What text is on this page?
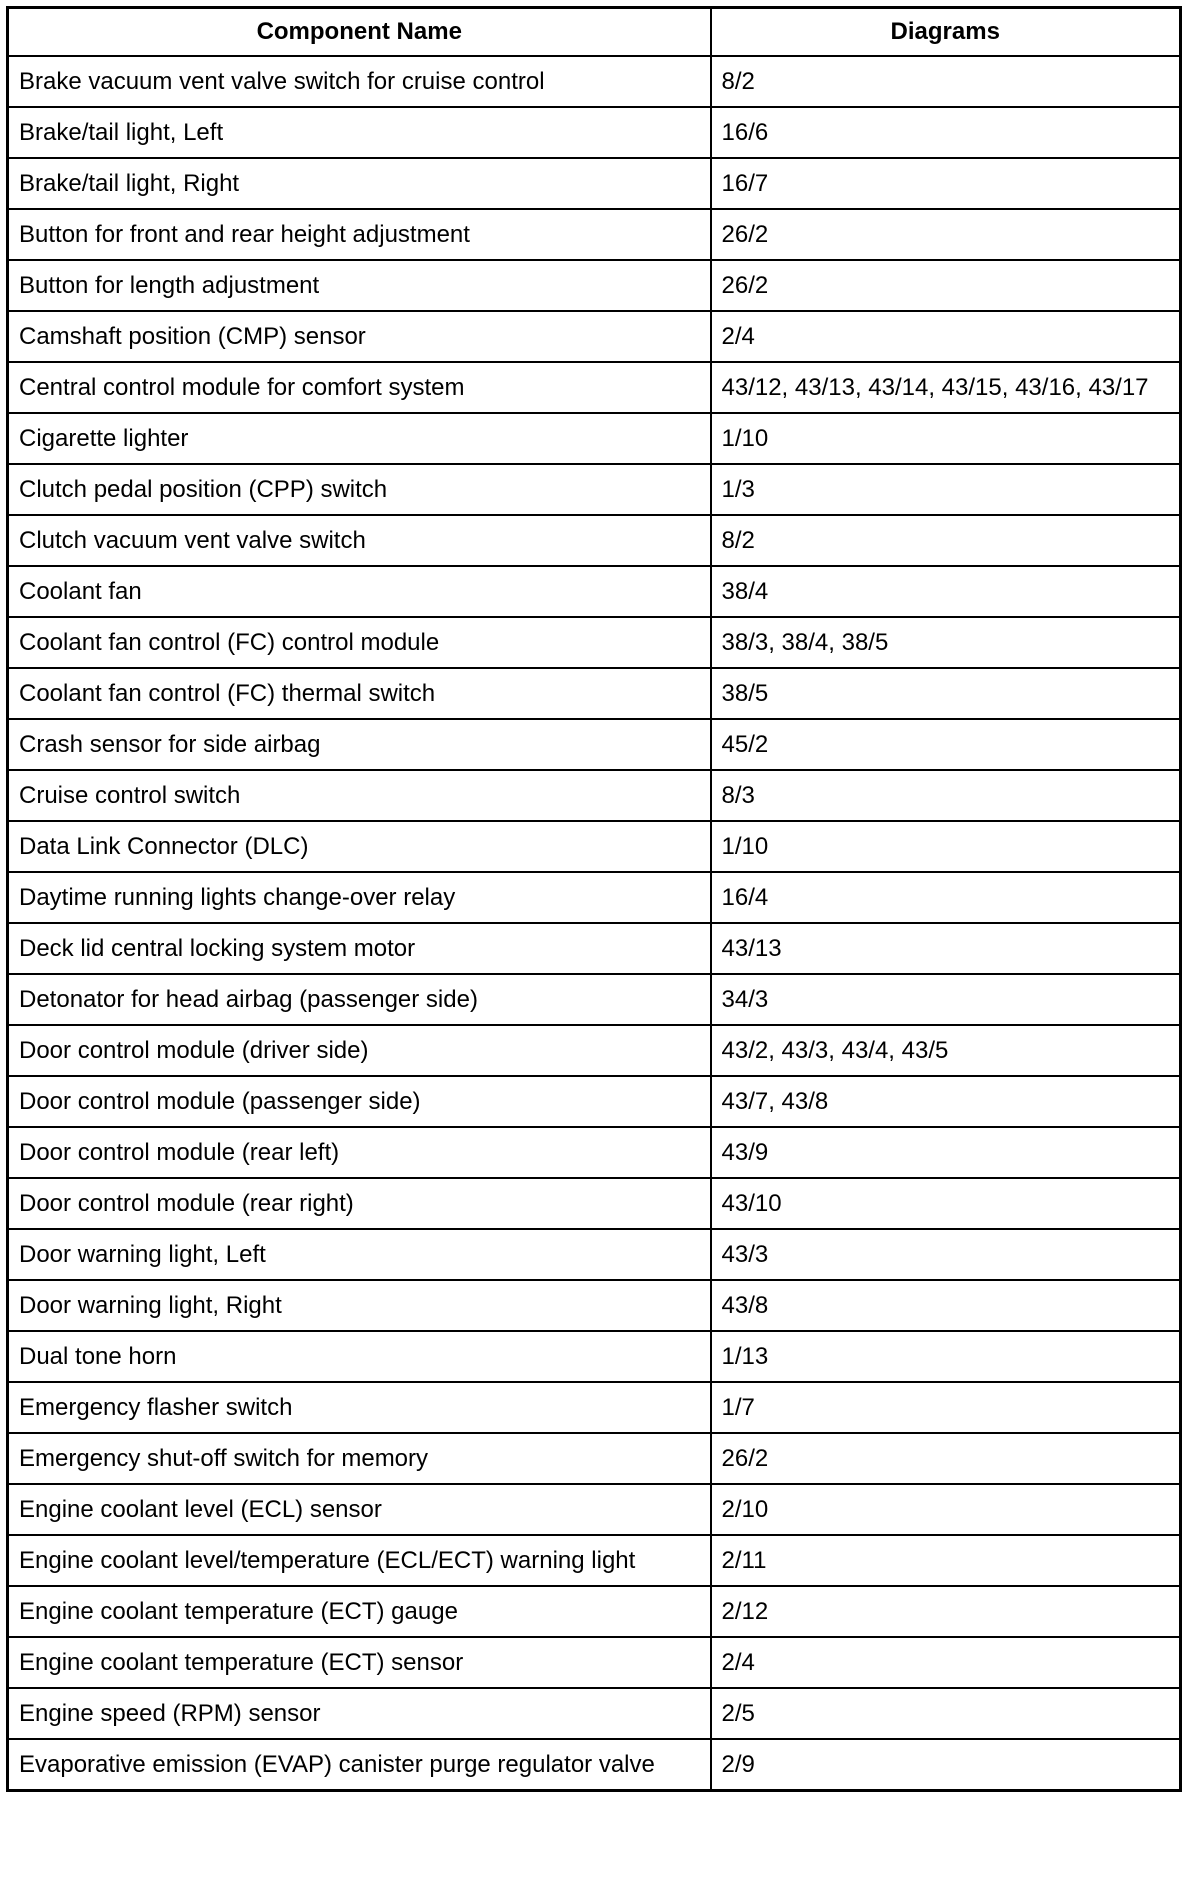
Component Name	Diagrams
Brake vacuum vent valve switch for cruise control	8/2
Brake/tail light, Left	16/6
Brake/tail light, Right	16/7
Button for front and rear height adjustment	26/2
Button for length adjustment	26/2
Camshaft position (CMP) sensor	2/4
Central control module for comfort system	43/12, 43/13, 43/14, 43/15, 43/16, 43/17
Cigarette lighter	1/10
Clutch pedal position (CPP) switch	1/3
Clutch vacuum vent valve switch	8/2
Coolant fan	38/4
Coolant fan control (FC) control module	38/3, 38/4, 38/5
Coolant fan control (FC) thermal switch	38/5
Crash sensor for side airbag	45/2
Cruise control switch	8/3
Data Link Connector (DLC)	1/10
Daytime running lights change-over relay	16/4
Deck lid central locking system motor	43/13
Detonator for head airbag (passenger side)	34/3
Door control module (driver side)	43/2, 43/3, 43/4, 43/5
Door control module (passenger side)	43/7, 43/8
Door control module (rear left)	43/9
Door control module (rear right)	43/10
Door warning light, Left	43/3
Door warning light, Right	43/8
Dual tone horn	1/13
Emergency flasher switch	1/7
Emergency shut-off switch for memory	26/2
Engine coolant level (ECL) sensor	2/10
Engine coolant level/temperature (ECL/ECT) warning light	2/11
Engine coolant temperature (ECT) gauge	2/12
Engine coolant temperature (ECT) sensor	2/4
Engine speed (RPM) sensor	2/5
Evaporative emission (EVAP) canister purge regulator valve	2/9
